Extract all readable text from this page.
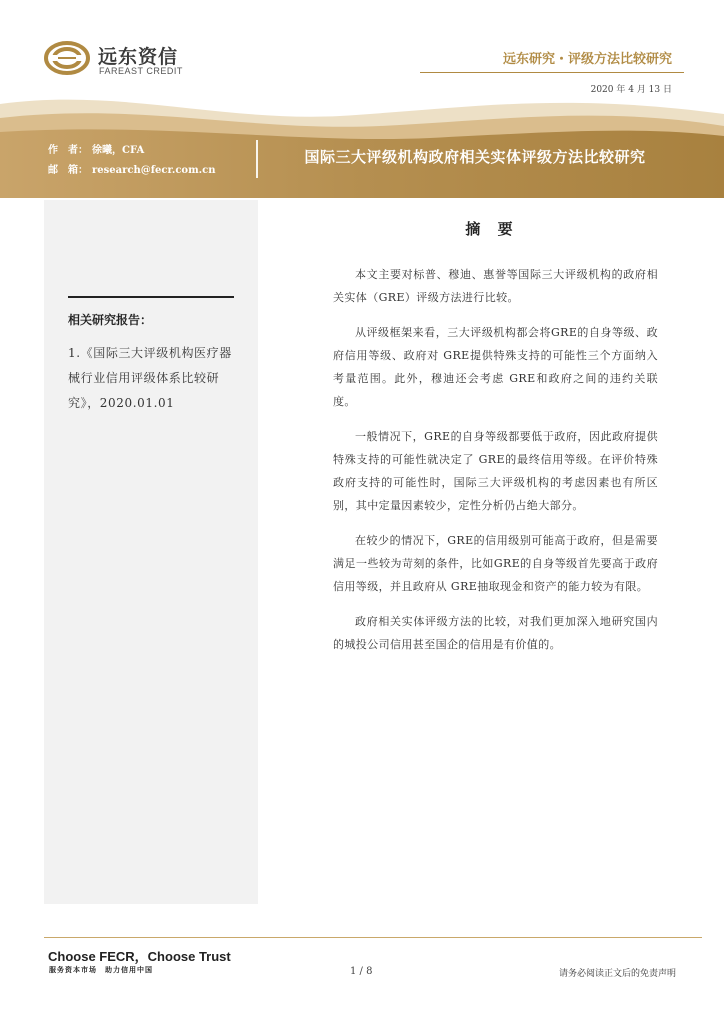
远东资信
FAREAST CREDIT
远东研究・评级方法比较研究
2020 年 4 月 13 日
作　者： 徐曦，CFA
邮　箱： research@fecr.com.cn
国际三大评级机构政府相关实体评级方法比较研究
相关研究报告：
1.《国际三大评级机构医疗器械行业信用评级体系比较研究》，2020.01.01
摘 要

本文主要对标普、穆迪、惠誉等国际三大评级机构的政府相关实体（GRE）评级方法进行比较。

从评级框架来看，三大评级机构都会将GRE的自身等级、政府信用等级、政府对 GRE提供特殊支持的可能性三个方面纳入考量范围。此外，穆迪还会考虑 GRE和政府之间的违约关联度。

一般情况下，GRE的自身等级都要低于政府，因此政府提供特殊支持的可能性就决定了 GRE的最终信用等级。在评价特殊政府支持的可能性时，国际三大评级机构的考虑因素也有所区别，其中定量因素较少，定性分析仍占绝大部分。

在较少的情况下，GRE的信用级别可能高于政府，但是需要满足一些较为苛刻的条件，比如GRE的自身等级首先要高于政府信用等级，并且政府从 GRE抽取现金和资产的能力较为有限。

政府相关实体评级方法的比较，对我们更加深入地研究国内的城投公司信用甚至国企的信用是有价值的。

Choose FECR，Choose Trust
服务资本市场　助力信用中国	1 / 8	请务必阅读正文后的免责声明
